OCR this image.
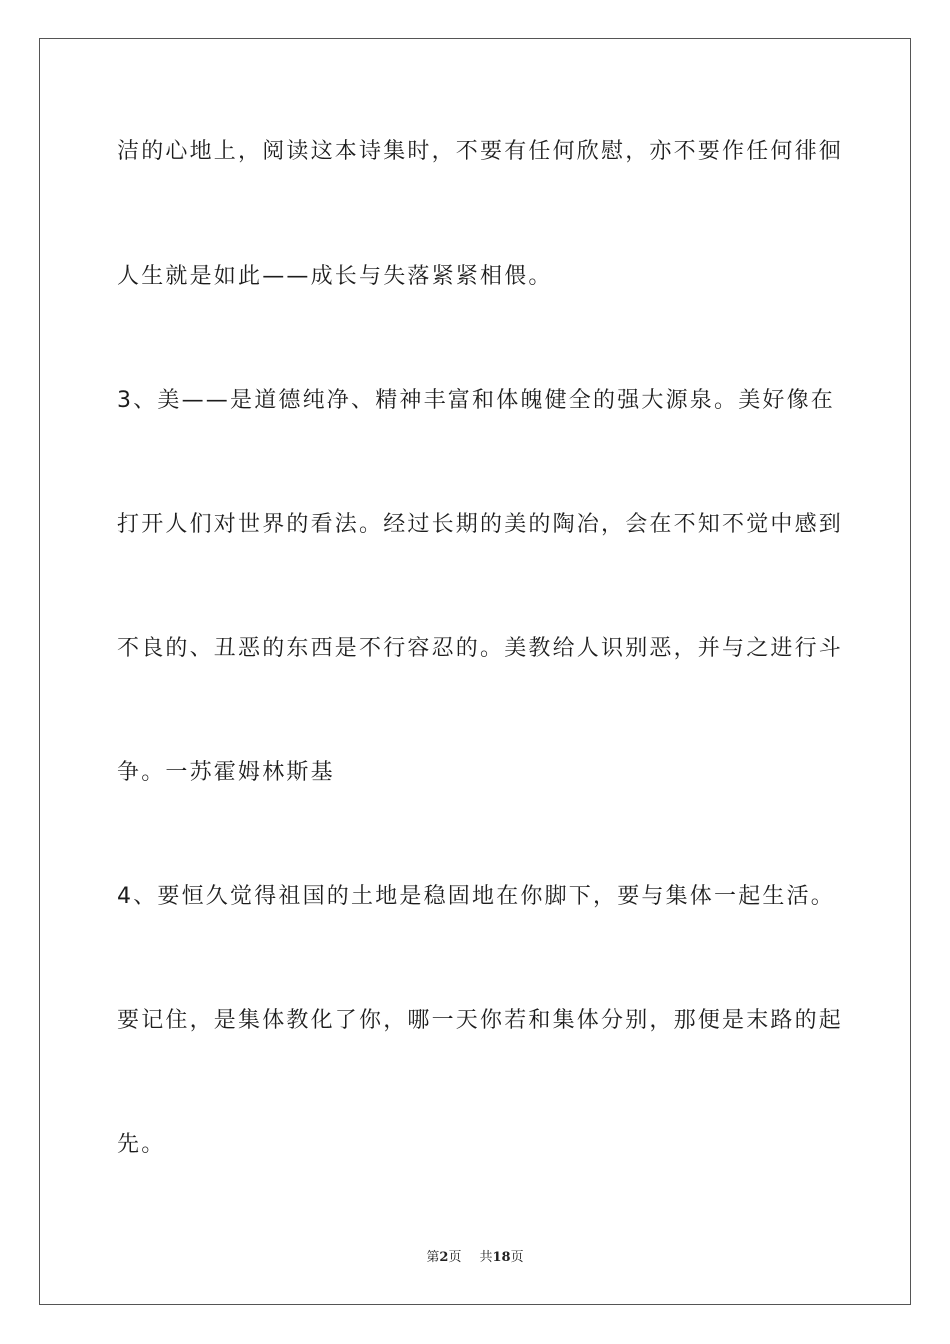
洁的心地上，阅读这本诗集时，不要有任何欣慰，亦不要作任何徘徊
人生就是如此——成长与失落紧紧相偎。
3、美——是道德纯净、精神丰富和体魄健全的强大源泉。美好像在
打开人们对世界的看法。经过长期的美的陶冶，会在不知不觉中感到
不良的、丑恶的东西是不行容忍的。美教给人识别恶，并与之进行斗
争。一苏霍姆林斯基
4、要恒久觉得祖国的土地是稳固地在你脚下，要与集体一起生活。
要记住，是集体教化了你，哪一天你若和集体分别，那便是末路的起
先。
第2页 共18页
